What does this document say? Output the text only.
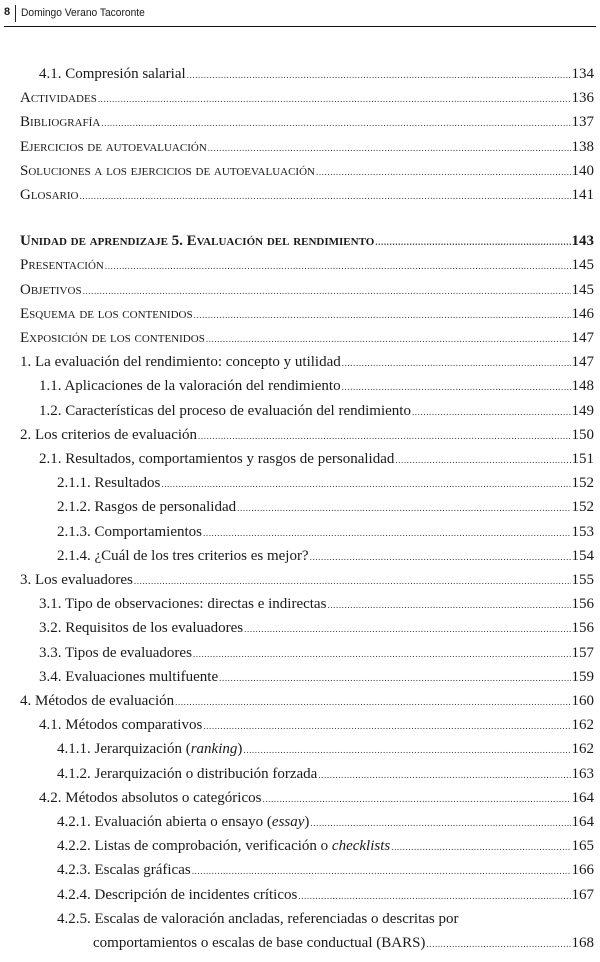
8 Domingo Verano Tacoronte
4.1. Compresión salarial .....	134
Actividades .....	136
Bibliografía .....	137
Ejercicios de autoevaluación .....	138
Soluciones a los ejercicios de autoevaluación .....	140
Glosario .....	141
Unidad de aprendizaje 5. Evaluación del rendimiento .....	143
Presentación .....	145
Objetivos .....	145
Esquema de los contenidos .....	146
Exposición de los contenidos .....	147
1. La evaluación del rendimiento: concepto y utilidad .....	147
1.1. Aplicaciones de la valoración del rendimiento .....	148
1.2. Características del proceso de evaluación del rendimiento .....	149
2. Los criterios de evaluación .....	150
2.1. Resultados, comportamientos y rasgos de personalidad .....	151
2.1.1. Resultados .....	152
2.1.2. Rasgos de personalidad .....	152
2.1.3. Comportamientos .....	153
2.1.4. ¿Cuál de los tres criterios es mejor? .....	154
3. Los evaluadores .....	155
3.1. Tipo de observaciones: directas e indirectas .....	156
3.2. Requisitos de los evaluadores .....	156
3.3. Tipos de evaluadores .....	157
3.4. Evaluaciones multifuente .....	159
4. Métodos de evaluación .....	160
4.1. Métodos comparativos .....	162
4.1.1. Jerarquización (ranking) .....	162
4.1.2. Jerarquización o distribución forzada .....	163
4.2. Métodos absolutos o categóricos .....	164
4.2.1. Evaluación abierta o ensayo (essay) .....	164
4.2.2. Listas de comprobación, verificación o checklists .....	165
4.2.3. Escalas gráficas .....	166
4.2.4. Descripción de incidentes críticos .....	167
4.2.5. Escalas de valoración ancladas, referenciadas o descritas por
comportamientos o escalas de base conductual (BARS) .....	168
